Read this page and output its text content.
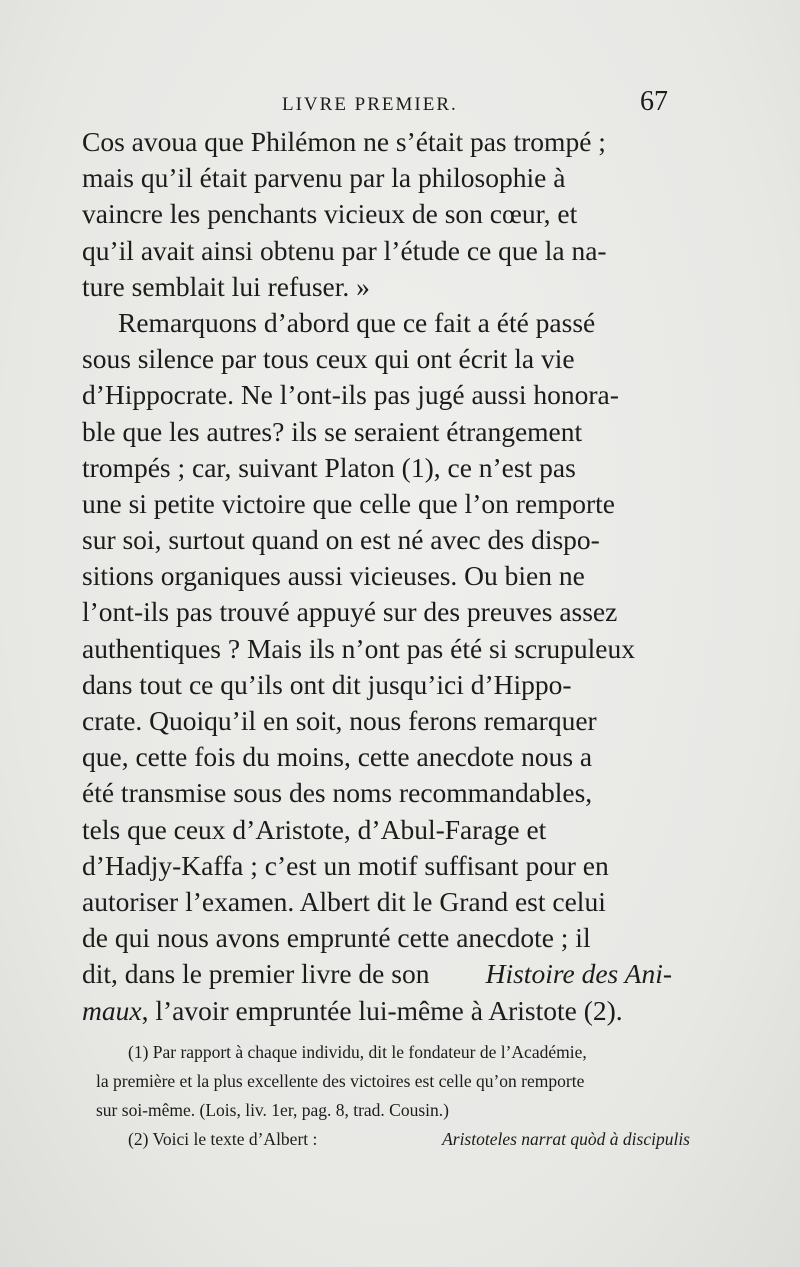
LIVRE PREMIER.	67
Cos avoua que Philémon ne s’était pas trompé ;
mais qu’il était parvenu par la philosophie à
vaincre les penchants vicieux de son cœur, et
qu’il avait ainsi obtenu par l’étude ce que la na-
ture semblait lui refuser. »
Remarquons d’abord que ce fait a été passé
sous silence par tous ceux qui ont écrit la vie
d’Hippocrate. Ne l’ont-ils pas jugé aussi honora-
ble que les autres? ils se seraient étrangement
trompés ; car, suivant Platon (1), ce n’est pas
une si petite victoire que celle que l’on remporte
sur soi, surtout quand on est né avec des dispo-
sitions organiques aussi vicieuses. Ou bien ne
l’ont-ils pas trouvé appuyé sur des preuves assez
authentiques ? Mais ils n’ont pas été si scrupuleux
dans tout ce qu’ils ont dit jusqu’ici d’Hippo-
crate. Quoiqu’il en soit, nous ferons remarquer
que, cette fois du moins, cette anecdote nous a
été transmise sous des noms recommandables,
tels que ceux d’Aristote, d’Abul-Farage et
d’Hadjy-Kaffa ; c’est un motif suffisant pour en
autoriser l’examen. Albert dit le Grand est celui
de qui nous avons emprunté cette anecdote ; il
dit, dans le premier livre de son Histoire des Ani-
maux , l’avoir empruntée lui-même à Aristote (2).
(1) Par rapport à chaque individu, dit le fondateur de l’Académie,
la première et la plus excellente des victoires est celle qu’on remporte
sur soi-même. (Lois, liv. 1er, pag. 8, trad. Cousin.)
(2) Voici le texte d’Albert :	Aristoteles narrat quòd à discipulis
